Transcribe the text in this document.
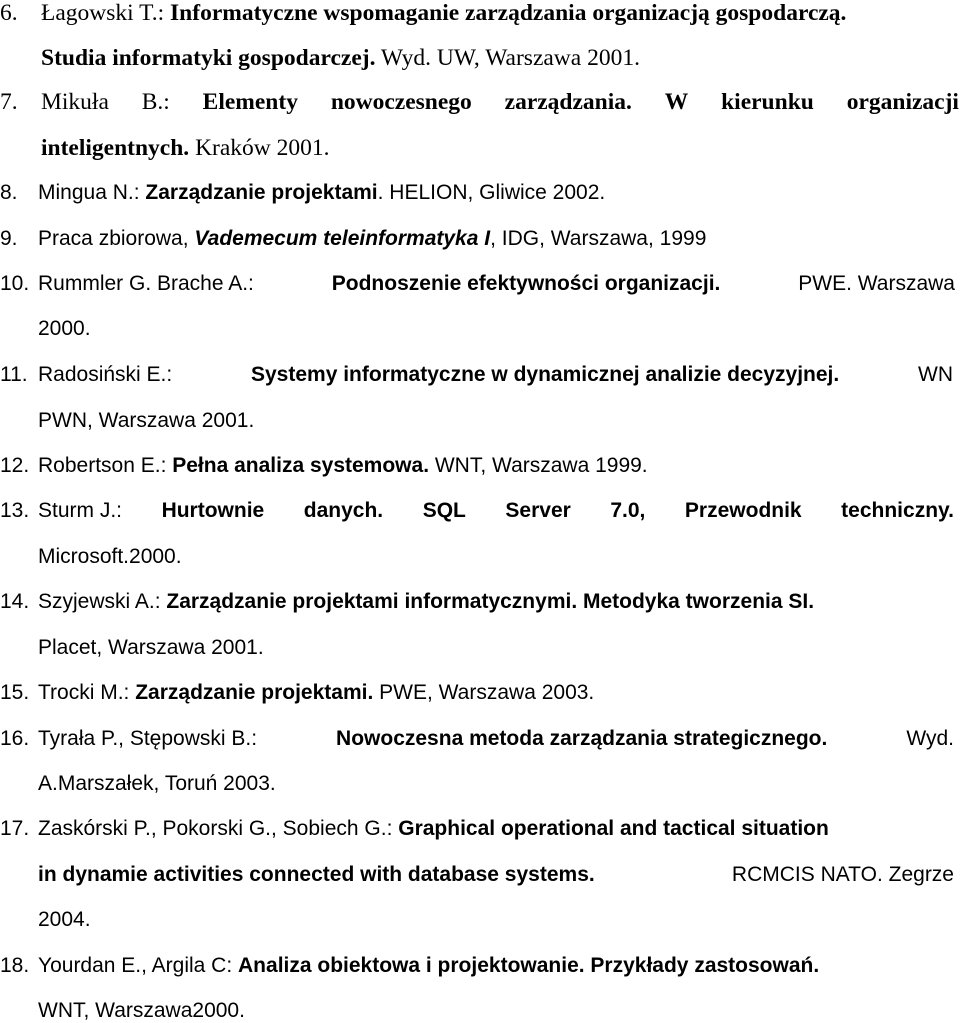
6. Łagowski T.: Informatyczne wspomaganie zarządzania organizacją gospodarczą.
Studia informatyki gospodarczej. Wyd. UW, Warszawa 2001.
7. Mikuła B.: Elementy nowoczesnego zarządzania. W kierunku organizacji
inteligentnych. Kraków 2001.
8. Mingua N.: Zarządzanie projektami. HELION, Gliwice 2002.
9. Praca zbiorowa, Vademecum teleinformatyka I, IDG, Warszawa, 1999
10. Rummler G. Brache A.:	Podnoszenie efektywności organizacji.	PWE. Warszawa
2000.
11. Radosiński E.:	Systemy informatyczne w dynamicznej analizie decyzyjnej.	WN
PWN, Warszawa 2001.
12. Robertson E.: Pełna analiza systemowa. WNT, Warszawa 1999.
13. Sturm J.: Hurtownie danych. SQL Server 7.0, Przewodnik techniczny.
Microsoft.2000.
14. Szyjewski A.: Zarządzanie projektami informatycznymi. Metodyka tworzenia SI.
Placet, Warszawa 2001.
15. Trocki M.: Zarządzanie projektami. PWE, Warszawa 2003.
16. Tyrała P., Stępowski B.:	Nowoczesna metoda zarządzania strategicznego.	Wyd.
A.Marszałek, Toruń 2003.
17. Zaskórski P., Pokorski G., Sobiech G.: Graphical operational and tactical situation
in dynamie activities connected with database systems.	RCMCIS NATO. Zegrze
2004.
18. Yourdan E., Argila C: Analiza obiektowa i projektowanie. Przykłady zastosowań.
WNT, Warszawa2000.
